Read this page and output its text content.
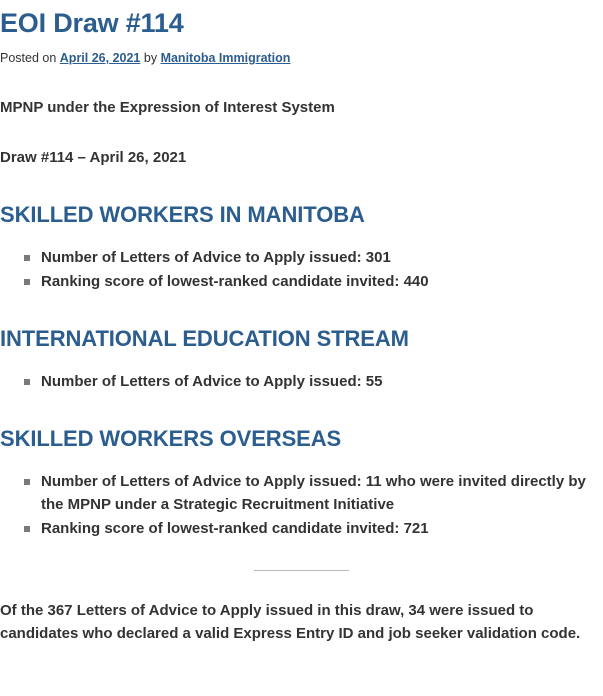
EOI Draw #114
Posted on April 26, 2021 by Manitoba Immigration

MPNP under the Expression of Interest System

Draw #114 – April 26, 2021

SKILLED WORKERS IN MANITOBA
Number of Letters of Advice to Apply issued: 301
Ranking score of lowest-ranked candidate invited: 440
INTERNATIONAL EDUCATION STREAM
Number of Letters of Advice to Apply issued: 55
SKILLED WORKERS OVERSEAS
Number of Letters of Advice to Apply issued: 11 who were invited directly by the MPNP under a Strategic Recruitment Initiative
Ranking score of lowest-ranked candidate invited: 721

Of the 367 Letters of Advice to Apply issued in this draw, 34 were issued to candidates who declared a valid Express Entry ID and job seeker validation code.
